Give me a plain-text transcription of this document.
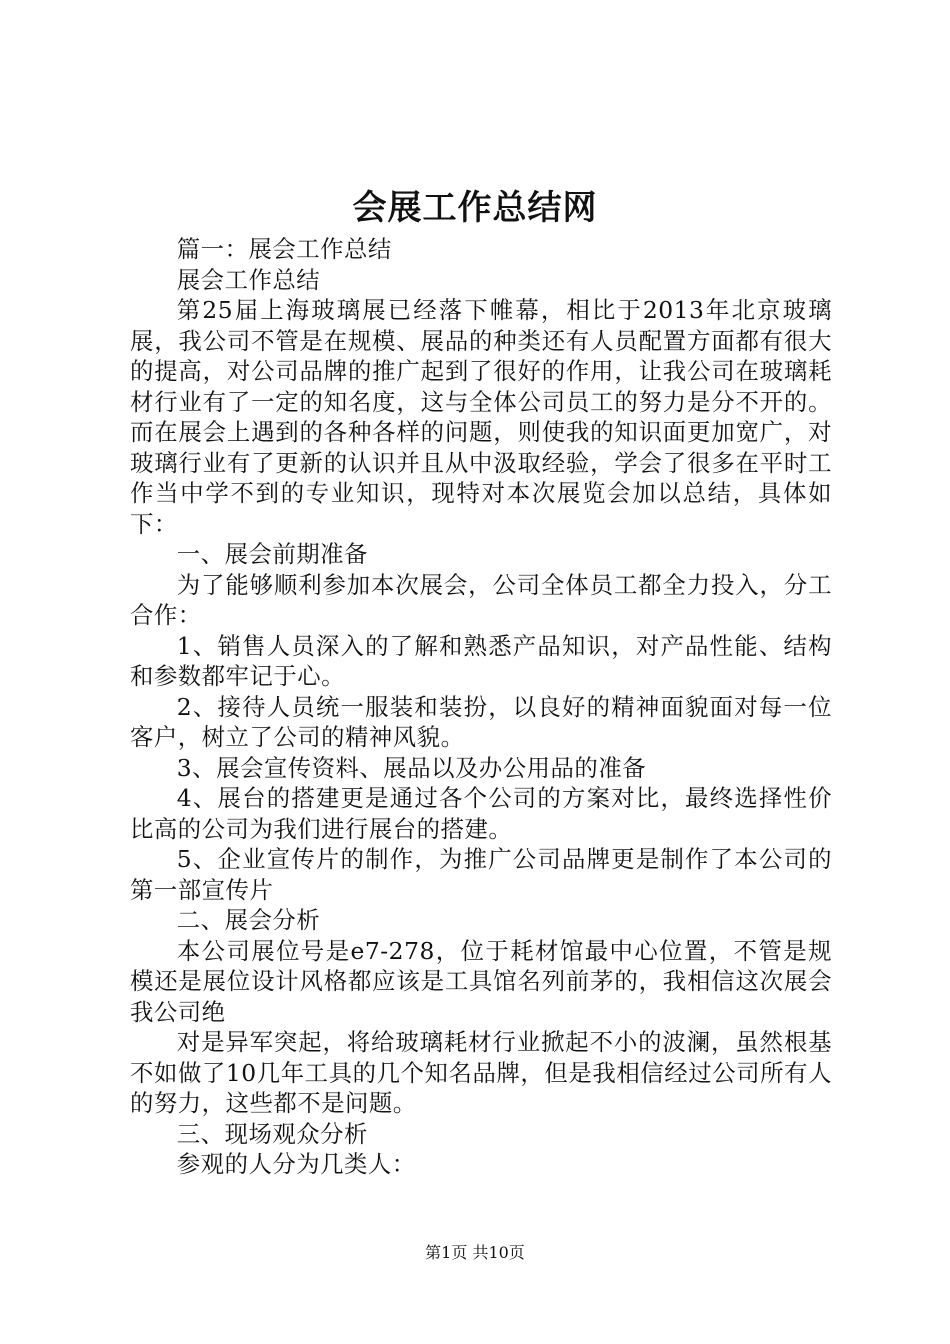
会展工作总结网

篇一：展会工作总结

展会工作总结

第25届上海玻璃展已经落下帷幕，相比于2013年北京玻璃展，我公司不管是在规模、展品的种类还有人员配置方面都有很大的提高，对公司品牌的推广起到了很好的作用，让我公司在玻璃耗材行业有了一定的知名度，这与全体公司员工的努力是分不开的。而在展会上遇到的各种各样的问题，则使我的知识面更加宽广，对玻璃行业有了更新的认识并且从中汲取经验，学会了很多在平时工作当中学不到的专业知识，现特对本次展览会加以总结，具体如下：

一、展会前期准备

为了能够顺利参加本次展会，公司全体员工都全力投入，分工合作：

1、销售人员深入的了解和熟悉产品知识，对产品性能、结构和参数都牢记于心。

2、接待人员统一服装和装扮，以良好的精神面貌面对每一位客户，树立了公司的精神风貌。

3、展会宣传资料、展品以及办公用品的准备

4、展台的搭建更是通过各个公司的方案对比，最终选择性价比高的公司为我们进行展台的搭建。

5、企业宣传片的制作，为推广公司品牌更是制作了本公司的第一部宣传片

二、展会分析

本公司展位号是e7-278，位于耗材馆最中心位置，不管是规模还是展位设计风格都应该是工具馆名列前茅的，我相信这次展会我公司绝

对是异军突起，将给玻璃耗材行业掀起不小的波澜，虽然根基不如做了10几年工具的几个知名品牌，但是我相信经过公司所有人的努力，这些都不是问题。

三、现场观众分析

参观的人分为几类人：

第1页 共10页
